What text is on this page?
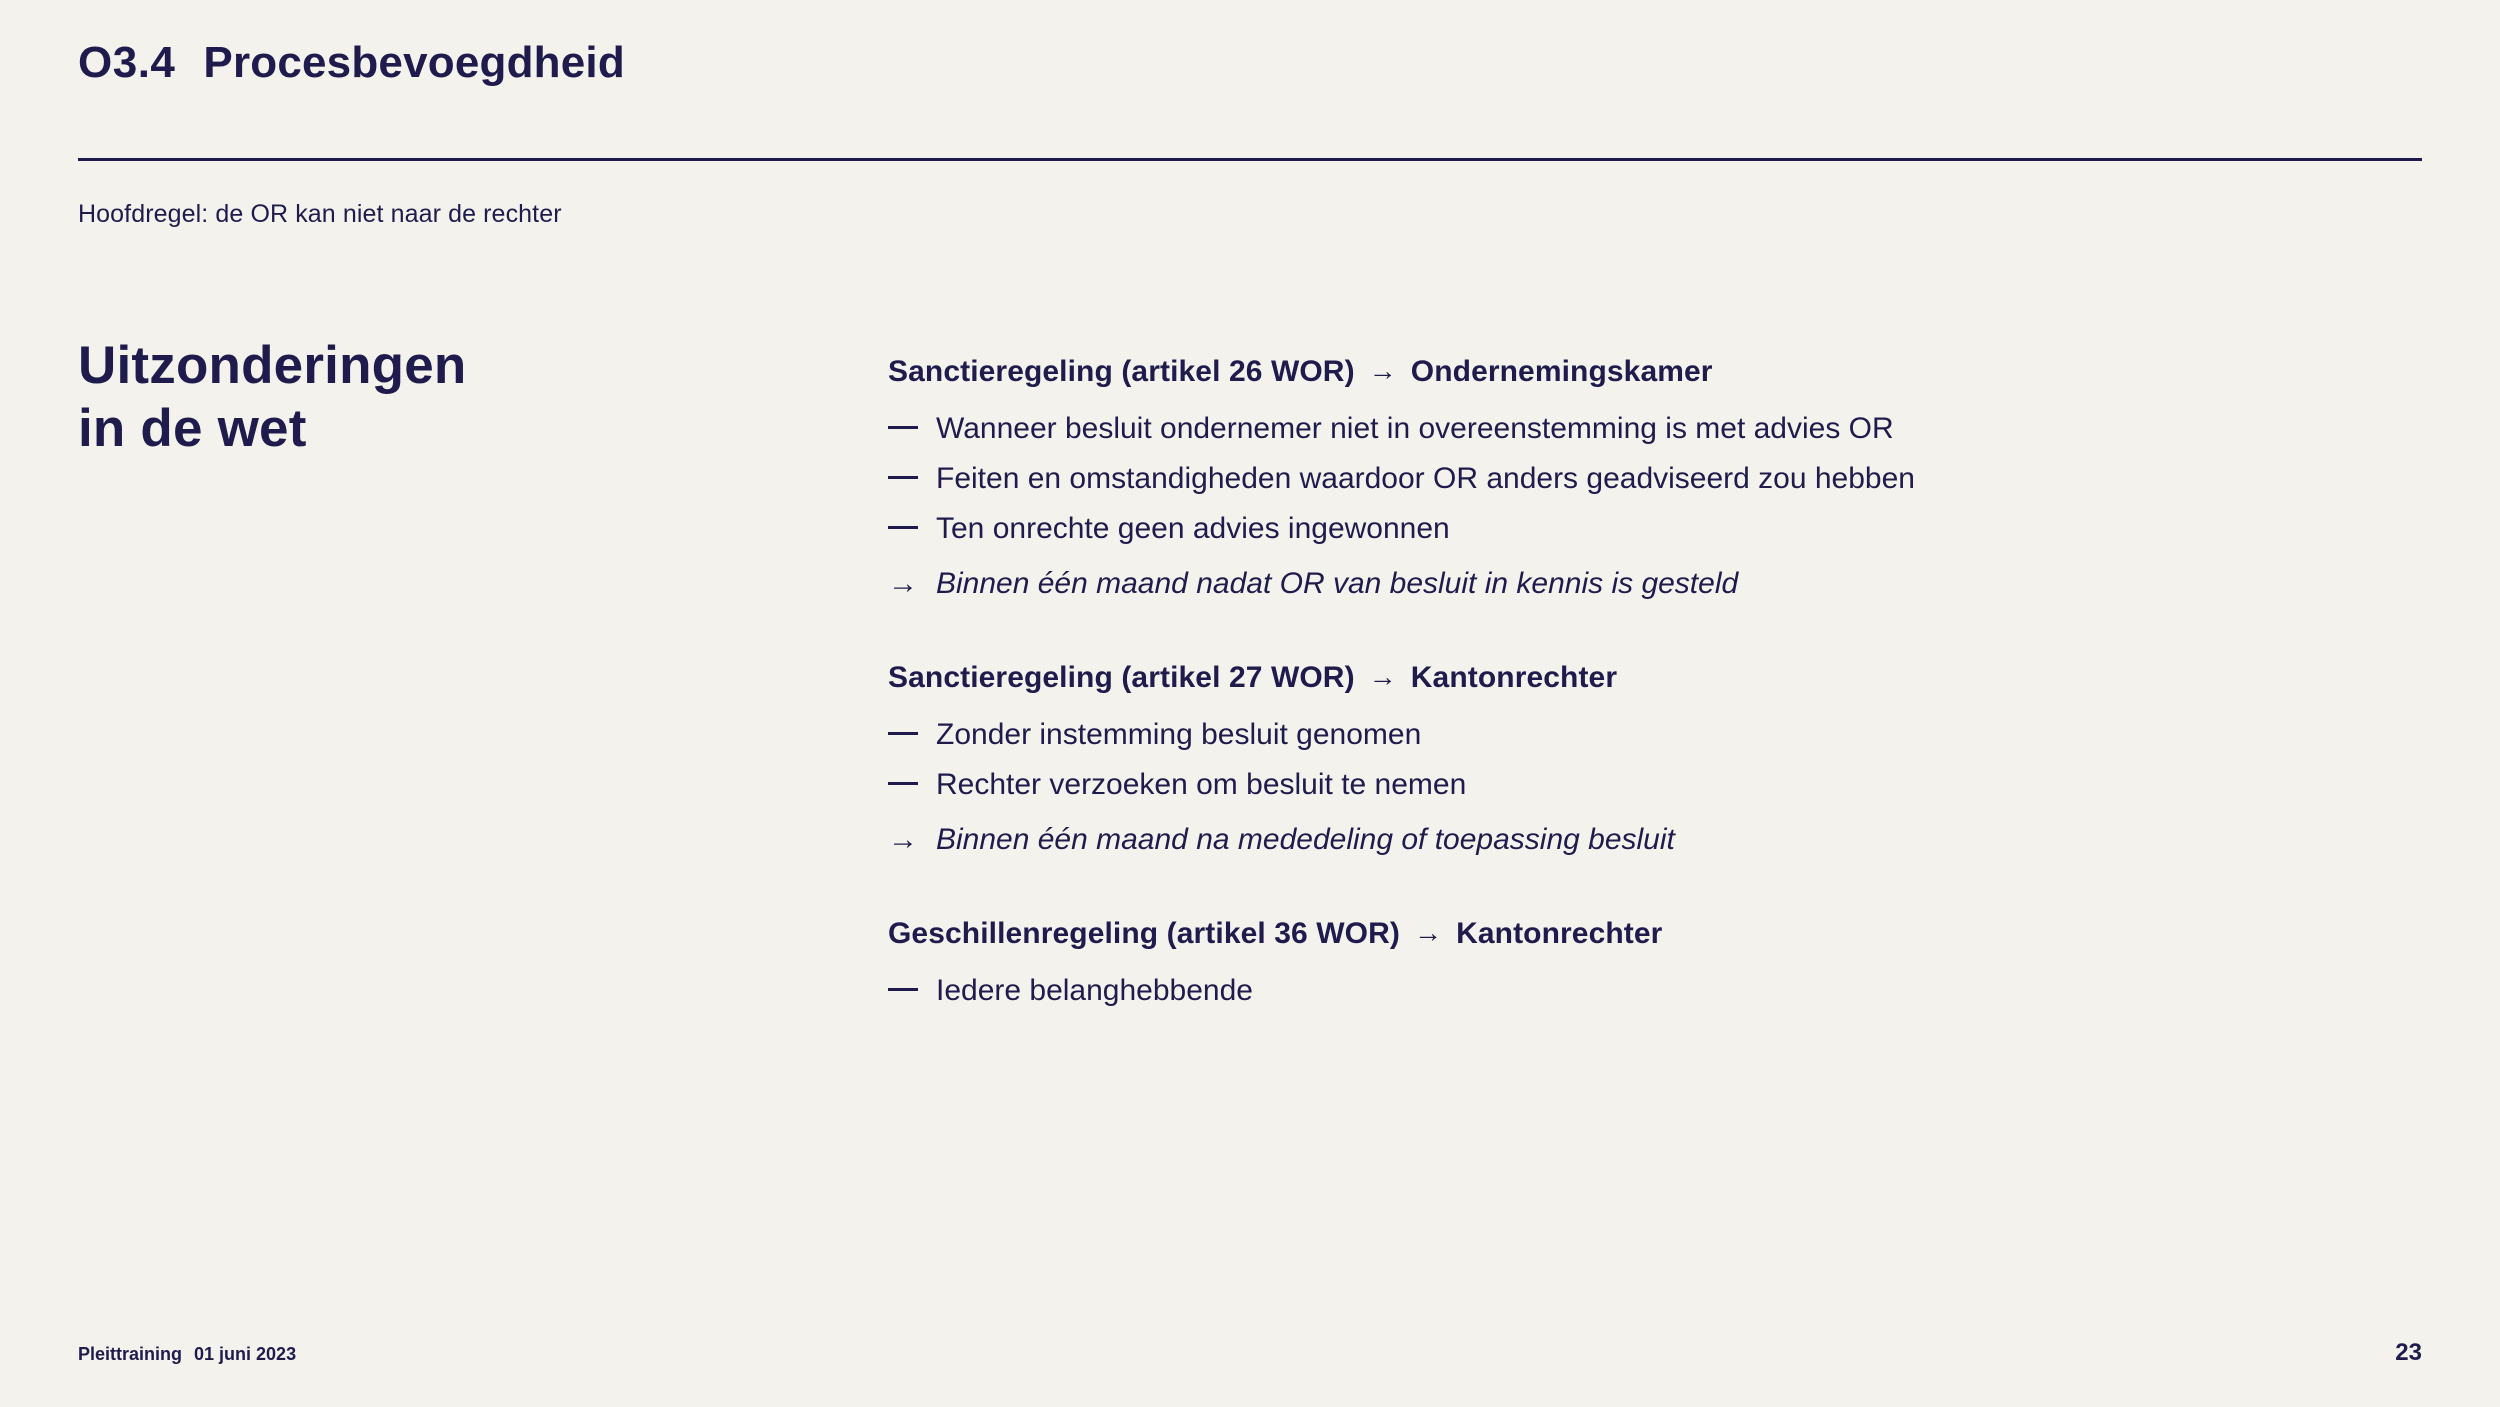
O3.4 Procesbevoegdheid
Hoofdregel: de OR kan niet naar de rechter
Uitzonderingen
in de wet
Sanctieregeling (artikel 26 WOR) → Ondernemingskamer
Wanneer besluit ondernemer niet in overeenstemming is met advies OR
Feiten en omstandigheden waardoor OR anders geadviseerd zou hebben
Ten onrechte geen advies ingewonnen
→ Binnen één maand nadat OR van besluit in kennis is gesteld
Sanctieregeling (artikel 27 WOR) → Kantonrechter
Zonder instemming besluit genomen
Rechter verzoeken om besluit te nemen
→ Binnen één maand na mededeling of toepassing besluit
Geschillenregeling (artikel 36 WOR) → Kantonrechter
Iedere belanghebbende
Pleittraining 01 juni 2023	23
